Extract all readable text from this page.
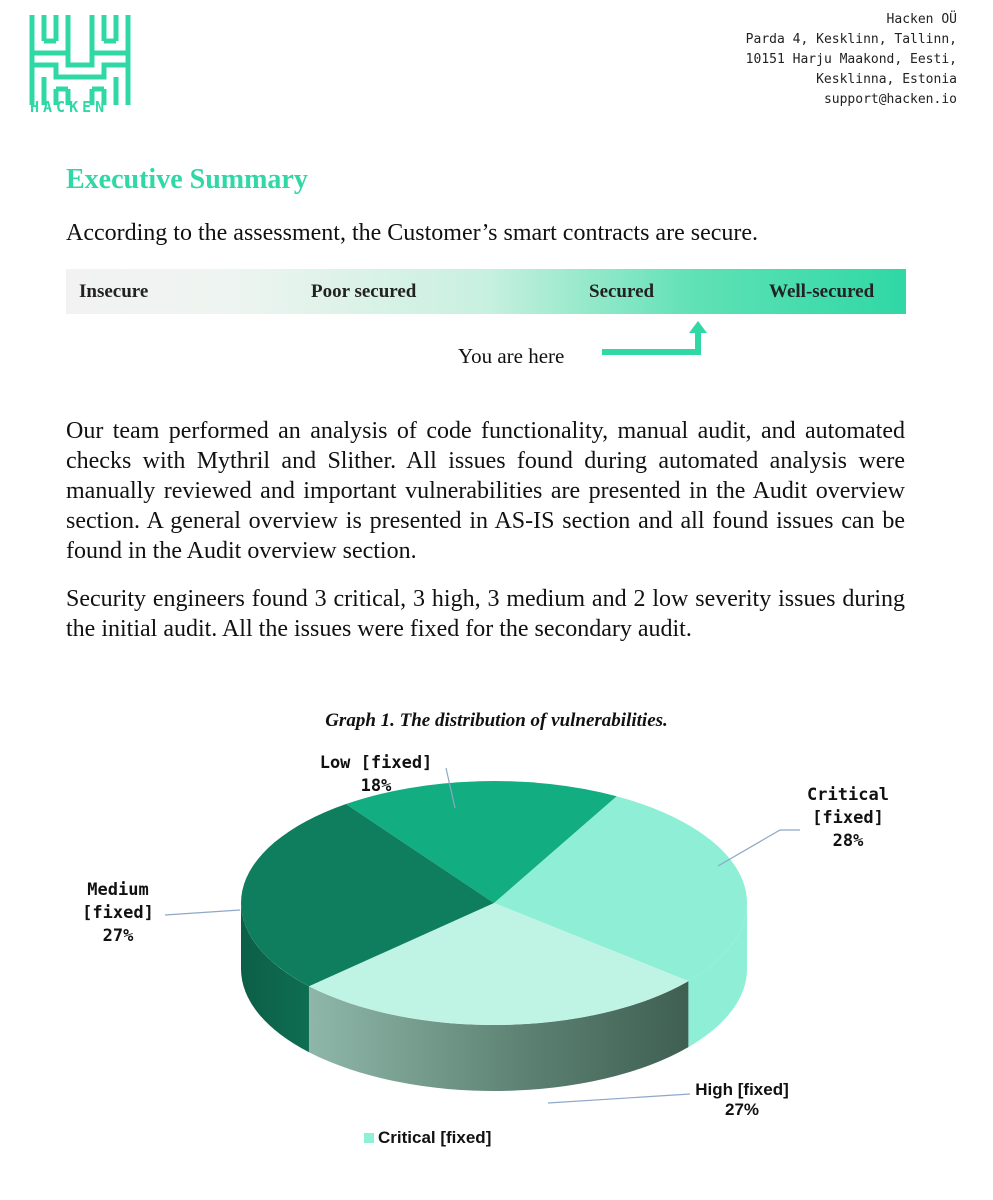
HACKEN
Hacken OÜ
Parda 4, Kesklinn, Tallinn,
10151 Harju Maakond, Eesti,
Kesklinna, Estonia
support@hacken.io
Executive Summary
According to the assessment, the Customer’s smart contracts are secure.
Insecure	Poor secured	Secured	Well-secured
You are here

Our team performed an analysis of code functionality, manual audit, and automated checks with Mythril and Slither. All issues found during automated analysis were manually reviewed and important vulnerabilities are presented in the Audit overview section. A general overview is presented in AS-IS section and all found issues can be found in the Audit overview section.

Security engineers found 3 critical, 3 high, 3 medium and 2 low severity issues during the initial audit. All the issues were fixed for the secondary audit.

Graph 1. The distribution of vulnerabilities.
Critical
[fixed]
28%
High [fixed]
27%
Medium
[fixed]
27%
Low [fixed]
18%
Critical [fixed]
